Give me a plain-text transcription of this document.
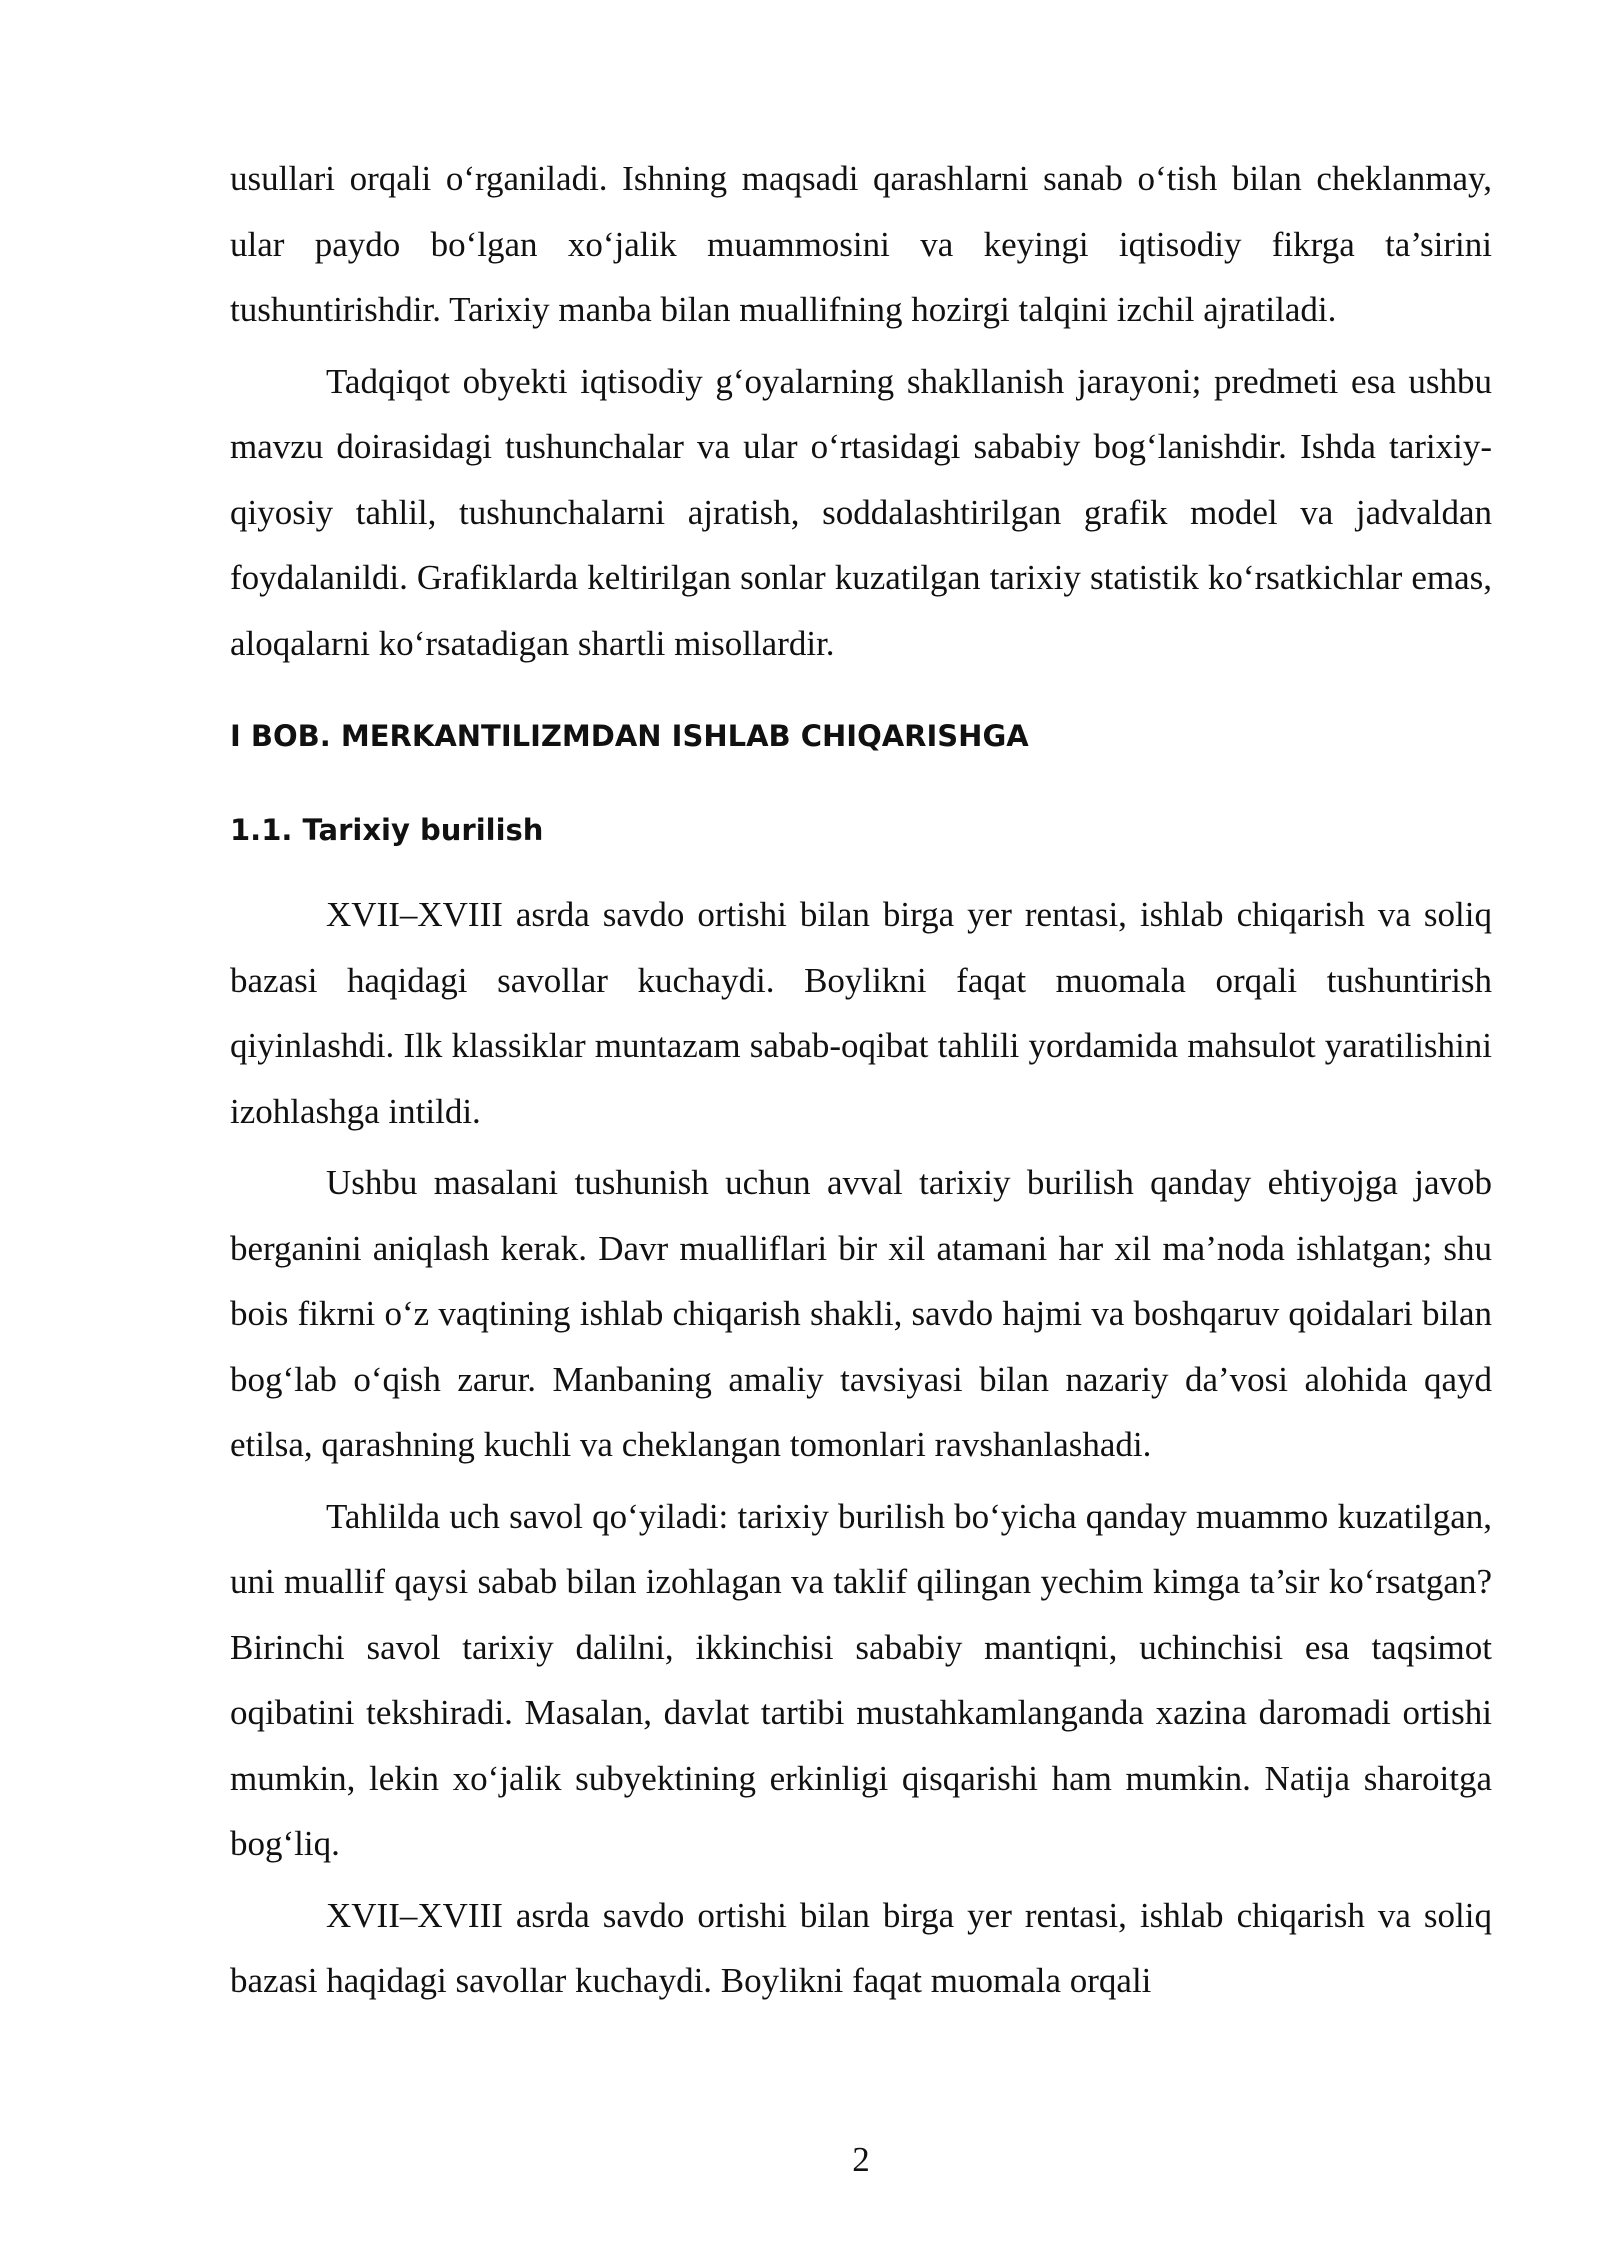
usullari orqali o‘rganiladi. Ishning maqsadi qarashlarni sanab o‘tish bilan cheklanmay, ular paydo bo‘lgan xo‘jalik muammosini va keyingi iqtisodiy fikrga ta’sirini tushuntirishdir. Tarixiy manba bilan muallifning hozirgi talqini izchil ajratiladi.

Tadqiqot obyekti iqtisodiy g‘oyalarning shakllanish jarayoni; predmeti esa ushbu mavzu doirasidagi tushunchalar va ular o‘rtasidagi sababiy bog‘lanishdir. Ishda tarixiy-qiyosiy tahlil, tushunchalarni ajratish, soddalashtirilgan grafik model va jadvaldan foydalanildi. Grafiklarda keltirilgan sonlar kuzatilgan tarixiy statistik ko‘rsatkichlar emas, aloqalarni ko‘rsatadigan shartli misollardir.

I BOB. MERKANTILIZMDAN ISHLAB CHIQARISHGA
1.1. Tarixiy burilish

XVII–XVIII asrda savdo ortishi bilan birga yer rentasi, ishlab chiqarish va soliq bazasi haqidagi savollar kuchaydi. Boylikni faqat muomala orqali tushuntirish qiyinlashdi. Ilk klassiklar muntazam sabab-oqibat tahlili yordamida mahsulot yaratilishini izohlashga intildi.

Ushbu masalani tushunish uchun avval tarixiy burilish qanday ehtiyojga javob berganini aniqlash kerak. Davr mualliflari bir xil atamani har xil ma’noda ishlatgan; shu bois fikrni o‘z vaqtining ishlab chiqarish shakli, savdo hajmi va boshqaruv qoidalari bilan bog‘lab o‘qish zarur. Manbaning amaliy tavsiyasi bilan nazariy da’vosi alohida qayd etilsa, qarashning kuchli va cheklangan tomonlari ravshanlashadi.

Tahlilda uch savol qo‘yiladi: tarixiy burilish bo‘yicha qanday muammo kuzatilgan, uni muallif qaysi sabab bilan izohlagan va taklif qilingan yechim kimga ta’sir ko‘rsatgan? Birinchi savol tarixiy dalilni, ikkinchisi sababiy mantiqni, uchinchisi esa taqsimot oqibatini tekshiradi. Masalan, davlat tartibi mustahkamlanganda xazina daromadi ortishi mumkin, lekin xo‘jalik subyektining erkinligi qisqarishi ham mumkin. Natija sharoitga bog‘liq.

XVII–XVIII asrda savdo ortishi bilan birga yer rentasi, ishlab chiqarish va soliq bazasi haqidagi savollar kuchaydi. Boylikni faqat muomala orqali

2
